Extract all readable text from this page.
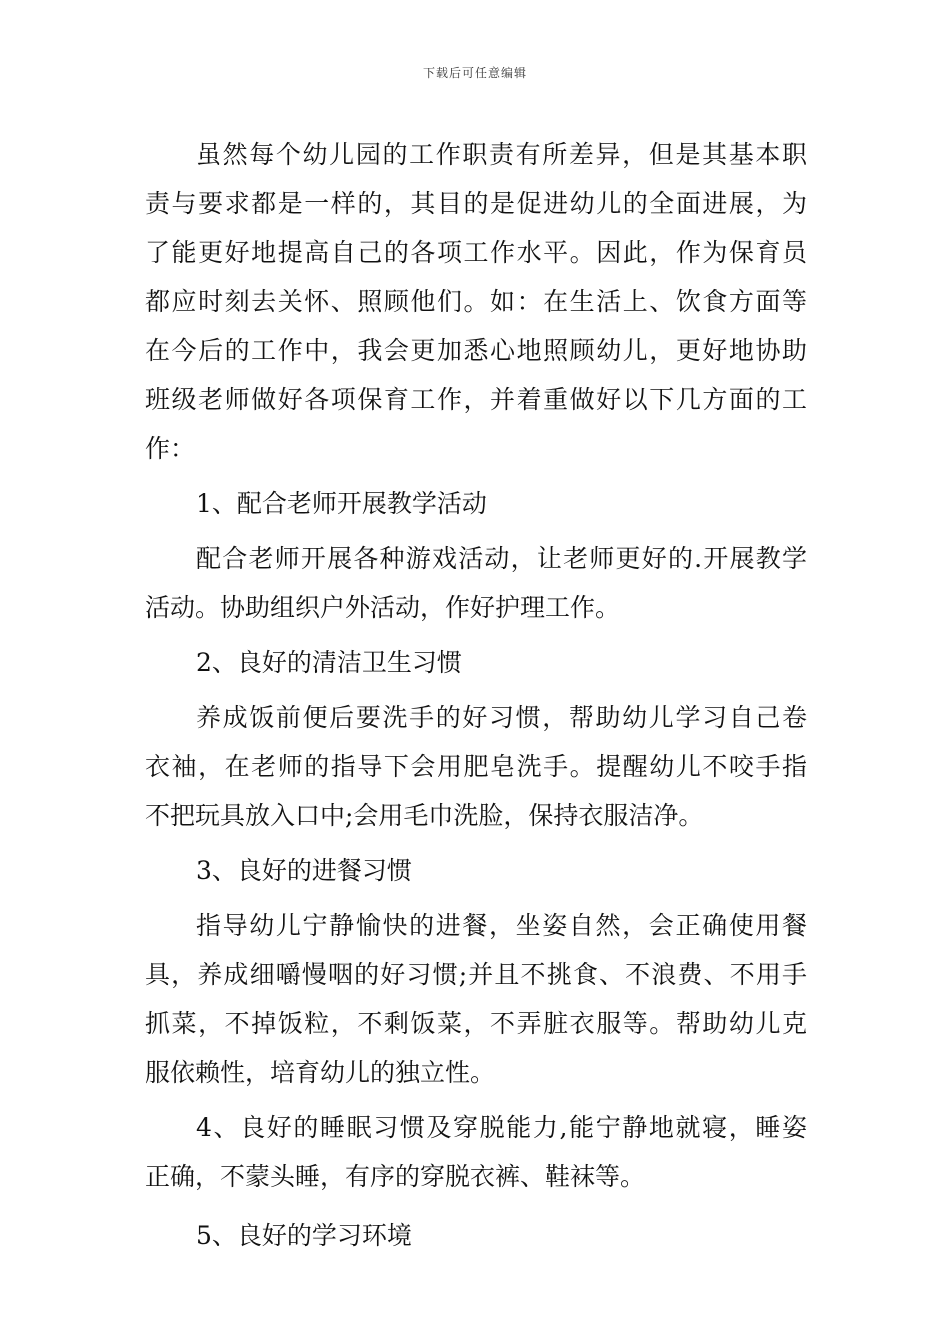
下载后可任意编辑
虽然每个幼儿园的工作职责有所差异，但是其基本职
责与要求都是一样的，其目的是促进幼儿的全面进展，为
了能更好地提高自己的各项工作水平。因此，作为保育员
都应时刻去关怀、照顾他们。如：在生活上、饮食方面等
在今后的工作中，我会更加悉心地照顾幼儿，更好地协助
班级老师做好各项保育工作，并着重做好以下几方面的工
作：
1、配合老师开展教学活动
配合老师开展各种游戏活动，让老师更好的.开展教学
活动。协助组织户外活动，作好护理工作。
2、良好的清洁卫生习惯
养成饭前便后要洗手的好习惯，帮助幼儿学习自己卷
衣袖，在老师的指导下会用肥皂洗手。提醒幼儿不咬手指
不把玩具放入口中;会用毛巾洗脸，保持衣服洁净。
3、良好的进餐习惯
指导幼儿宁静愉快的进餐，坐姿自然，会正确使用餐
具，养成细嚼慢咽的好习惯;并且不挑食、不浪费、不用手
抓菜，不掉饭粒，不剩饭菜，不弄脏衣服等。帮助幼儿克
服依赖性，培育幼儿的独立性。
4、良好的睡眠习惯及穿脱能力,能宁静地就寝，睡姿
正确，不蒙头睡，有序的穿脱衣裤、鞋袜等。
5、良好的学习环境
